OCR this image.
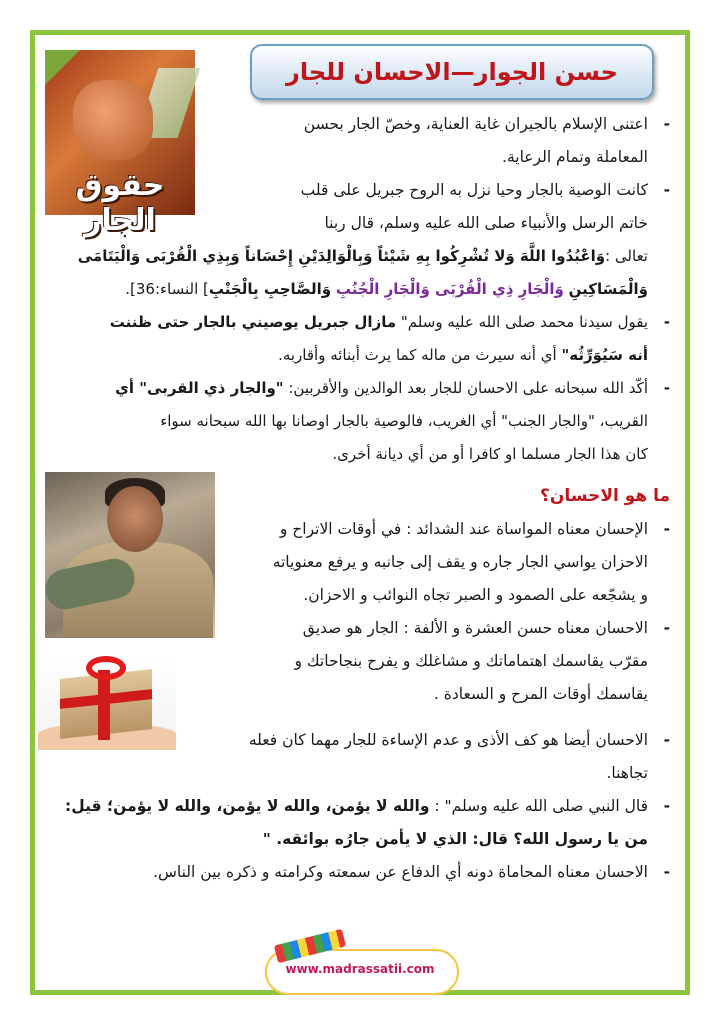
حسن الجوار—الاحسان للجار
حقوق الجار

- اعتنى الإسلام بالجيران غاية العناية، وخصّ الجار بحسن

المعاملة وتمام الرعاية.

- كانت الوصية بالجار وحيا نزل به الروح جبريل على قلب

خاتم الرسل والأنبياء صلى الله عليه وسلم، قال ربنا

تعالى :وَاعْبُدُوا اللَّهَ وَلا تُشْرِكُوا بِهِ شَيْئاً وَبِالْوَالِدَيْنِ إِحْسَاناً وَبِذِي الْقُرْبَى وَالْيَتَامَى

وَالْمَسَاكِينِ وَالْجَارِ ذِي الْقُرْبَى وَالْجَارِ الْجُنُبِ وَالصَّاحِبِ بِالْجَنْبِ] النساء:36].

- يقول سيدنا محمد صلى الله عليه وسلم" مازال جبريل يوصيني بالجار حتى ظننت

أنه سَيُوَرِّثُه" أي أنه سيرث من ماله كما يرث أبنائه وأقاربه.

- أكّد الله سبحانه على الاحسان للجار بعد الوالدين والأقربين: "والجار ذي القربى" أي

القريب، "والجار الجنب" أي الغريب، فالوصية بالجار اوصانا بها الله سبحانه سواء

كان هذا الجار مسلما او كافرا أو من أي ديانة أخرى.

ما هو الاحسان؟

- الإحسان معناه المواساة عند الشدائد : في أوقات الاتراح و

الاحزان يواسي الجار جاره و يقف إلى جانبه و يرفع معنوياته

و يشجّعه على الصمود و الصبر تجاه النوائب و الاحزان.

- الاحسان معناه حسن العشرة و الألفة : الجار هو صديق

مقرّب يقاسمك اهتماماتك و مشاغلك و يفرح بنجاحاتك و

يقاسمك أوقات المرح و السعادة .

- الاحسان أيضا هو كف الأذى و عدم الإساءة للجار مهما كان فعله

تجاهنا.

- قال النبي صلى الله عليه وسلم" : والله لا يؤمن، والله لا يؤمن، والله لا يؤمن؛ قيل:

من يا رسول الله؟ قال: الذي لا يأمن جارُه بوائقه. "

- الاحسان معناه المحاماة دونه أي الدفاع عن سمعته وكرامته و ذكره بين الناس.

www.madrassatii.com
